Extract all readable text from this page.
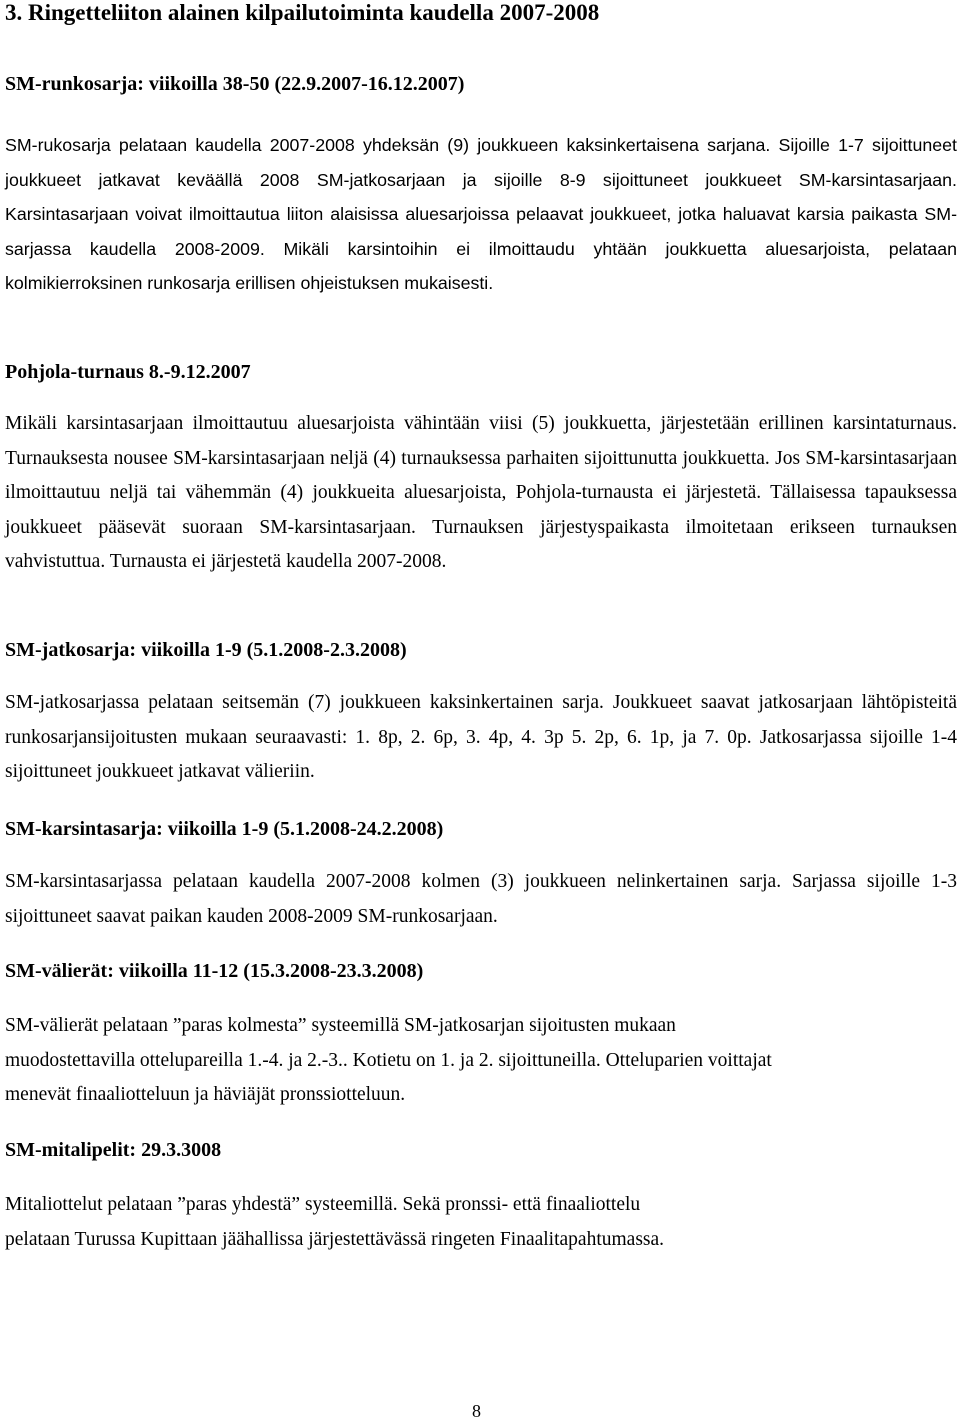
3. Ringetteliiton alainen kilpailutoiminta kaudella 2007-2008
SM-runkosarja: viikoilla 38-50 (22.9.2007-16.12.2007)

SM-rukosarja pelataan kaudella 2007-2008 yhdeksän (9) joukkueen kaksinkertaisena sarjana. Sijoille 1-7 sijoittuneet joukkueet jatkavat keväällä 2008 SM-jatkosarjaan ja sijoille 8-9 sijoittuneet joukkueet SM-karsintasarjaan. Karsintasarjaan voivat ilmoittautua liiton alaisissa aluesarjoissa pelaavat joukkueet, jotka haluavat karsia paikasta SM-sarjassa kaudella 2008-2009. Mikäli karsintoihin ei ilmoittaudu yhtään joukkuetta aluesarjoista, pelataan kolmikierroksinen runkosarja erillisen ohjeistuksen mukaisesti.

Pohjola-turnaus 8.-9.12.2007

Mikäli karsintasarjaan ilmoittautuu aluesarjoista vähintään viisi (5) joukkuetta, järjestetään erillinen karsintaturnaus. Turnauksesta nousee SM-karsintasarjaan neljä (4) turnauksessa parhaiten sijoittunutta joukkuetta. Jos SM-karsintasarjaan ilmoittautuu neljä tai vähemmän (4) joukkueita aluesarjoista, Pohjola-turnausta ei järjestetä. Tällaisessa tapauksessa joukkueet pääsevät suoraan SM-karsintasarjaan. Turnauksen järjestyspaikasta ilmoitetaan erikseen turnauksen vahvistuttua. Turnausta ei järjestetä kaudella 2007-2008.

SM-jatkosarja: viikoilla 1-9 (5.1.2008-2.3.2008)

SM-jatkosarjassa pelataan seitsemän (7) joukkueen kaksinkertainen sarja. Joukkueet saavat jatkosarjaan lähtöpisteitä runkosarjansijoitusten mukaan seuraavasti: 1. 8p, 2. 6p, 3. 4p, 4. 3p 5. 2p, 6. 1p, ja 7. 0p. Jatkosarjassa sijoille 1-4 sijoittuneet joukkueet jatkavat välieriin.

SM-karsintasarja: viikoilla 1-9 (5.1.2008-24.2.2008)

SM-karsintasarjassa pelataan kaudella 2007-2008 kolmen (3) joukkueen nelinkertainen sarja. Sarjassa sijoille 1-3 sijoittuneet saavat paikan kauden 2008-2009 SM-runkosarjaan.

SM-välierät: viikoilla 11-12 (15.3.2008-23.3.2008)
SM-välierät pelataan ”paras kolmesta” systeemillä SM-jatkosarjan sijoitusten mukaan
muodostettavilla ottelupareilla 1.-4. ja 2.-3.. Kotietu on 1. ja 2. sijoittuneilla. Otteluparien voittajat
menevät finaaliotteluun ja häviäjät pronssiotteluun.
SM-mitalipelit: 29.3.3008
Mitaliottelut pelataan ”paras yhdestä” systeemillä. Sekä pronssi- että finaaliottelu
pelataan Turussa Kupittaan jäähallissa järjestettävässä ringeten Finaalitapahtumassa.
8
